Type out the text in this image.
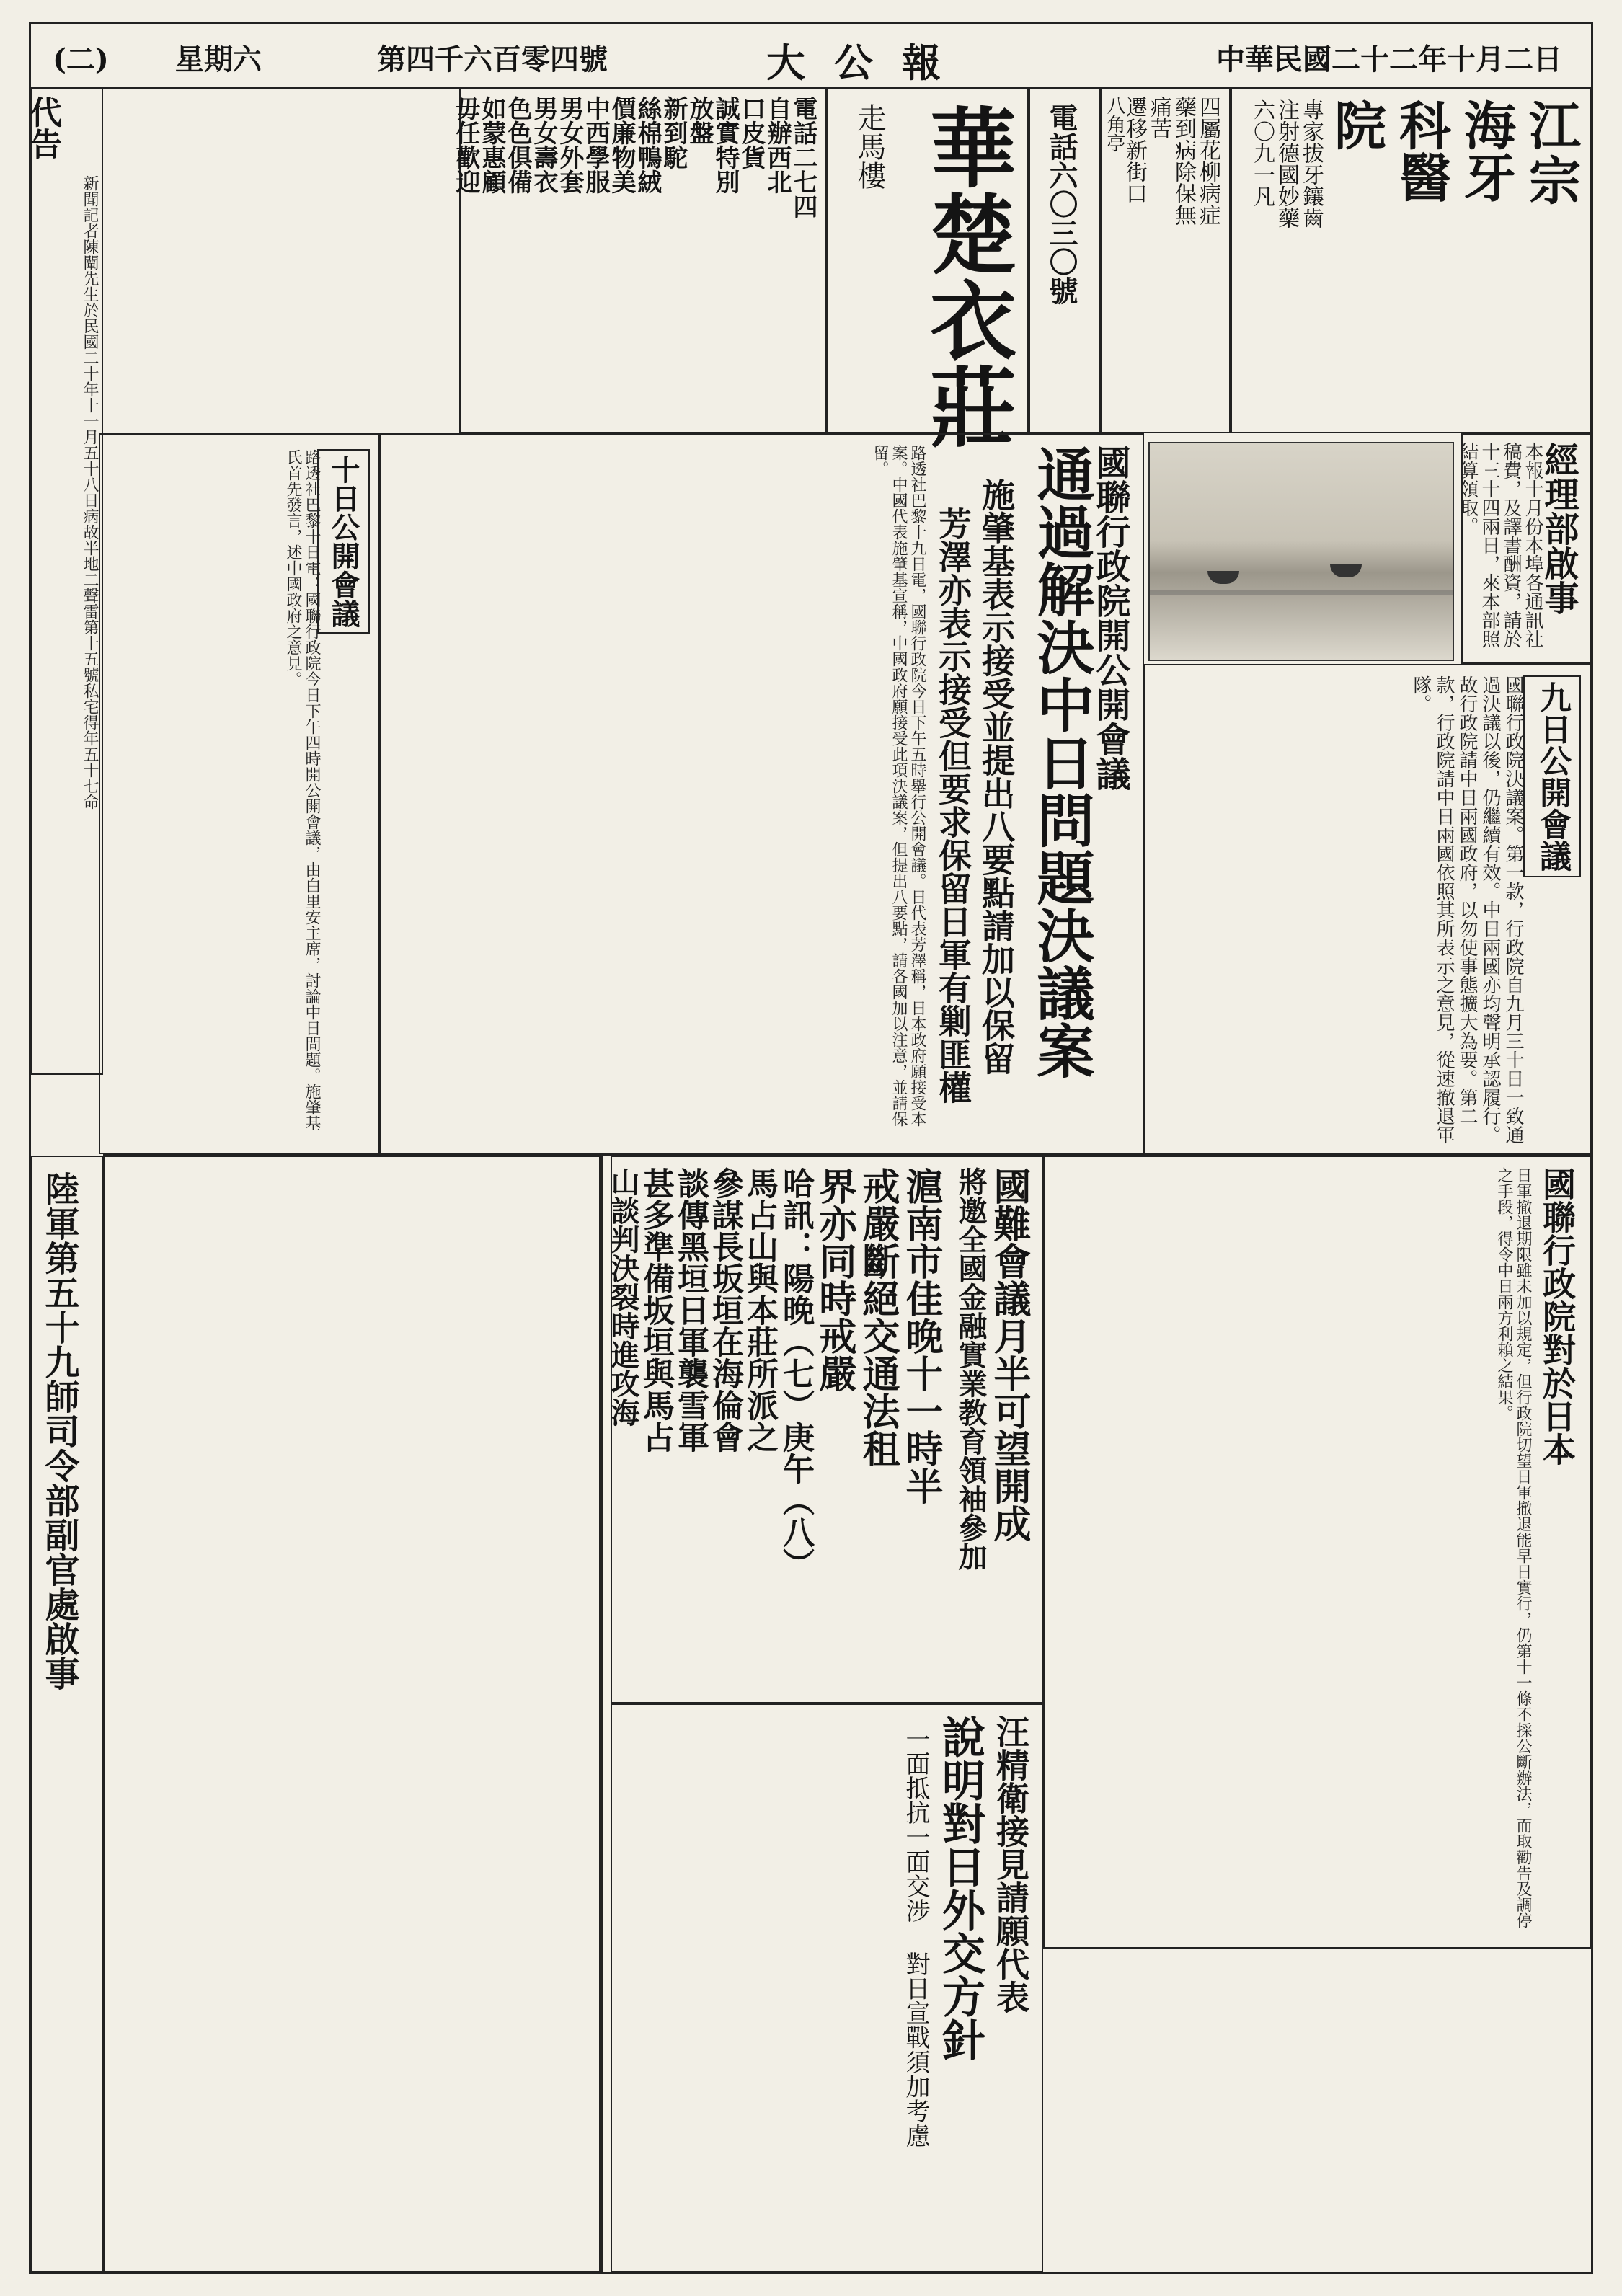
中華民國二十二年十月二日
大公報
第四千六百零四號
星期六
(二)
江宗
海牙
科醫
院
專家拔牙鑲齒
注射德國妙藥
六〇九一凡
四屬花柳病症
藥到病除保無
痛苦
遷移新街口
八角亭
電話六〇三〇號
華楚衣莊
走馬樓
電話二七四
自辦西北
口皮貨
誠實特別
放盤
新到駝
絲棉鴨絨
價廉物美
中西學服
男女外套
男女壽衣
色色俱備
如蒙惠顧
毋任歡迎
代告
新聞記者陳闡先生於民國二十年十一月五十八日病故半地二聲雷第十五號私宅得年五十七命	經理部啟事
本報十月份本埠各通訊社稿費，及譯書酬資，請於十三十四兩日，來本部照結算領取。
國聯行政院開公開會議
通過解決中日問題決議案
施肇基表示接受並提出八要點請加以保留
芳澤亦表示接受但要求保留日軍有剿匪權
路透社巴黎十九日電，國聯行政院今日下午五時舉行公開會議。日代表芳澤稱，日本政府願接受本案。中國代表施肇基宣稱，中國政府願接受此項決議案，但提出八要點，請各國加以注意，並請保留。
九日公開會議
國聯行政院決議案。第一款，行政院自九月三十日一致通過決議以後，仍繼續有效。中日兩國亦均聲明承認履行。故行政院請中日兩國政府，以勿使事態擴大為要。第二款，行政院請中日兩國依照其所表示之意見，從速撤退軍隊。
十日公開會議
路透社巴黎十日電：國聯行政院今日下午四時開公開會議，由白里安主席，討論中日問題。施肇基氏首先發言，述中國政府之意見。
國聯行政院對於日本
日軍撤退期限雖未加以規定，但行政院切望日軍撤退能早日實行，仍第十一條不採公斷辦法，而取勸告及調停之手段，得令中日兩方利賴之結果。
國難會議月半可望開成
將邀全國金融實業教育領袖參加
滬南市佳晚十一時半
戒嚴斷絕交通法租
界亦同時戒嚴
哈訊：陽晚（七）庚午（八）
馬占山與本莊所派之
參謀長坂垣在海倫會
談傳黑垣日軍襲雪軍
甚多準備坂垣與馬占
山談判決裂時進攻海
汪精衛接見請願代表
說明對日外交方針
一面抵抗一面交涉 對日宣戰須加考慮
陸軍第五十九師司令部副官處啟事
